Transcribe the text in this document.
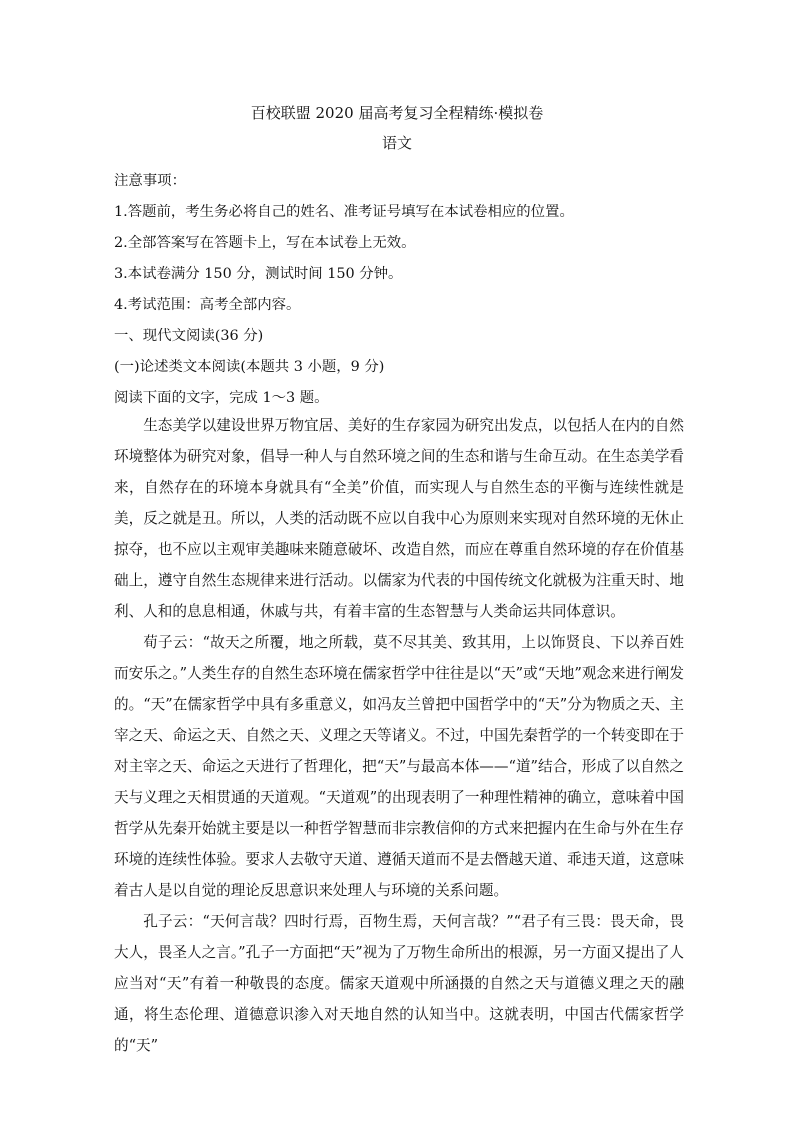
百校联盟 2020 届高考复习全程精练·模拟卷
语文
注意事项：
1.答题前，考生务必将自己的姓名、准考证号填写在本试卷相应的位置。
2.全部答案写在答题卡上，写在本试卷上无效。
3.本试卷满分 150 分，测试时间 150 分钟。
4.考试范围：高考全部内容。
一、现代文阅读(36 分)
(一)论述类文本阅读(本题共 3 小题，9 分)
阅读下面的文字，完成 1～3 题。

生态美学以建设世界万物宜居、美好的生存家园为研究出发点，以包括人在内的自然环境整体为研究对象，倡导一种人与自然环境之间的生态和谐与生命互动。在生态美学看来，自然存在的环境本身就具有“全美”价值，而实现人与自然生态的平衡与连续性就是美，反之就是丑。所以，人类的活动既不应以自我中心为原则来实现对自然环境的无休止掠夺，也不应以主观审美趣味来随意破坏、改造自然，而应在尊重自然环境的存在价值基础上，遵守自然生态规律来进行活动。以儒家为代表的中国传统文化就极为注重天时、地利、人和的息息相通，休戚与共，有着丰富的生态智慧与人类命运共同体意识。

荀子云：“故天之所覆，地之所载，莫不尽其美、致其用，上以饰贤良、下以养百姓而安乐之。”人类生存的自然生态环境在儒家哲学中往往是以“天”或“天地”观念来进行阐发的。“天”在儒家哲学中具有多重意义，如冯友兰曾把中国哲学中的“天”分为物质之天、主宰之天、命运之天、自然之天、义理之天等诸义。不过，中国先秦哲学的一个转变即在于对主宰之天、命运之天进行了哲理化，把“天”与最高本体——“道”结合，形成了以自然之天与义理之天相贯通的天道观。“天道观”的出现表明了一种理性精神的确立，意味着中国哲学从先秦开始就主要是以一种哲学智慧而非宗教信仰的方式来把握内在生命与外在生存环境的连续性体验。要求人去敬守天道、遵循天道而不是去僭越天道、乖违天道，这意味着古人是以自觉的理论反思意识来处理人与环境的关系问题。

孔子云：“天何言哉？四时行焉，百物生焉，天何言哉？”“君子有三畏：畏天命，畏大人，畏圣人之言。”孔子一方面把“天”视为了万物生命所出的根源，另一方面又提出了人应当对“天”有着一种敬畏的态度。儒家天道观中所涵摄的自然之天与道德义理之天的融通，将生态伦理、道德意识渗入对天地自然的认知当中。这就表明，中国古代儒家哲学的“天”
